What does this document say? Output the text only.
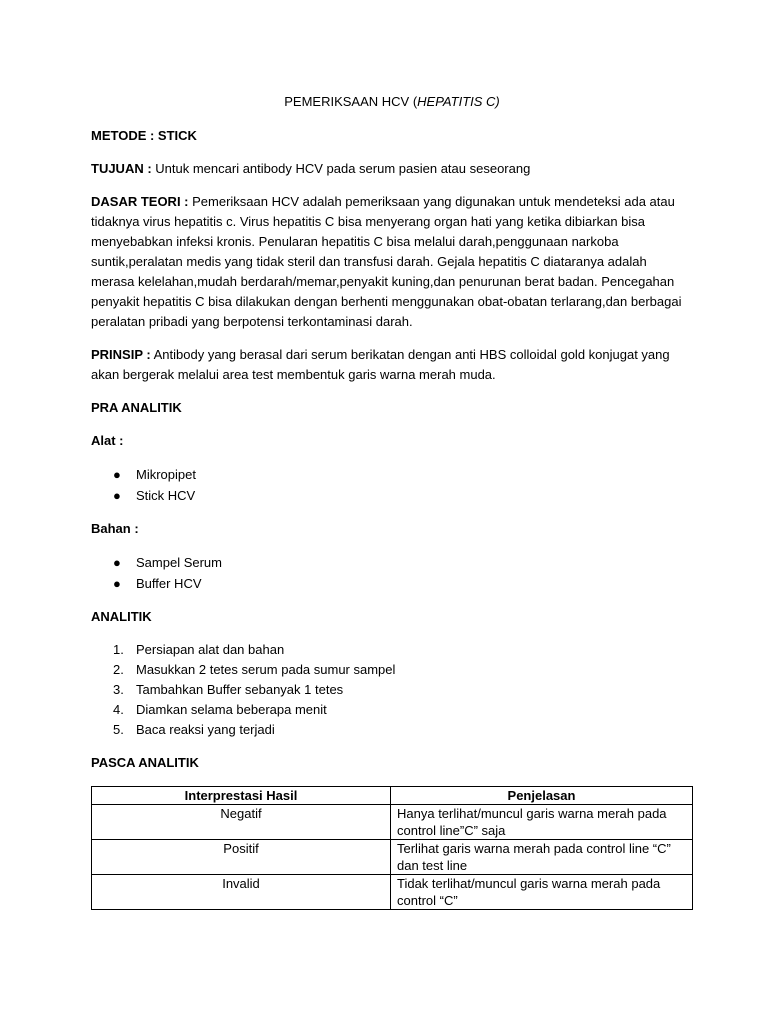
PEMERIKSAAN HCV (HEPATITIS C)

METODE : STICK

TUJUAN : Untuk mencari antibody HCV pada serum pasien atau seseorang

DASAR TEORI : Pemeriksaan HCV adalah pemeriksaan yang digunakan untuk mendeteksi ada atau tidaknya virus hepatitis c. Virus hepatitis C bisa menyerang organ hati yang ketika dibiarkan bisa menyebabkan infeksi kronis. Penularan hepatitis C bisa melalui darah,penggunaan narkoba suntik,peralatan medis yang tidak steril dan transfusi darah. Gejala hepatitis C diataranya adalah merasa kelelahan,mudah berdarah/memar,penyakit kuning,dan penurunan berat badan. Pencegahan penyakit hepatitis C bisa dilakukan dengan berhenti menggunakan obat-obatan terlarang,dan berbagai peralatan pribadi yang berpotensi terkontaminasi darah.

PRINSIP : Antibody yang berasal dari serum berikatan dengan anti HBS colloidal gold konjugat yang akan bergerak melalui area test membentuk garis warna merah muda.

PRA ANALITIK

Alat :

● Mikropipet
● Stick HCV

Bahan :

● Sampel Serum
● Buffer HCV

ANALITIK

1. Persiapan alat dan bahan
2. Masukkan 2 tetes serum pada sumur sampel
3. Tambahkan Buffer sebanyak 1 tetes
4. Diamkan selama beberapa menit
5. Baca reaksi yang terjadi

PASCA ANALITIK

Interprestasi Hasil	Penjelasan
Negatif	Hanya terlihat/muncul garis warna merah pada control line”C” saja
Positif	Terlihat garis warna merah pada control line “C” dan test line
Invalid	Tidak terlihat/muncul garis warna merah pada control “C”
